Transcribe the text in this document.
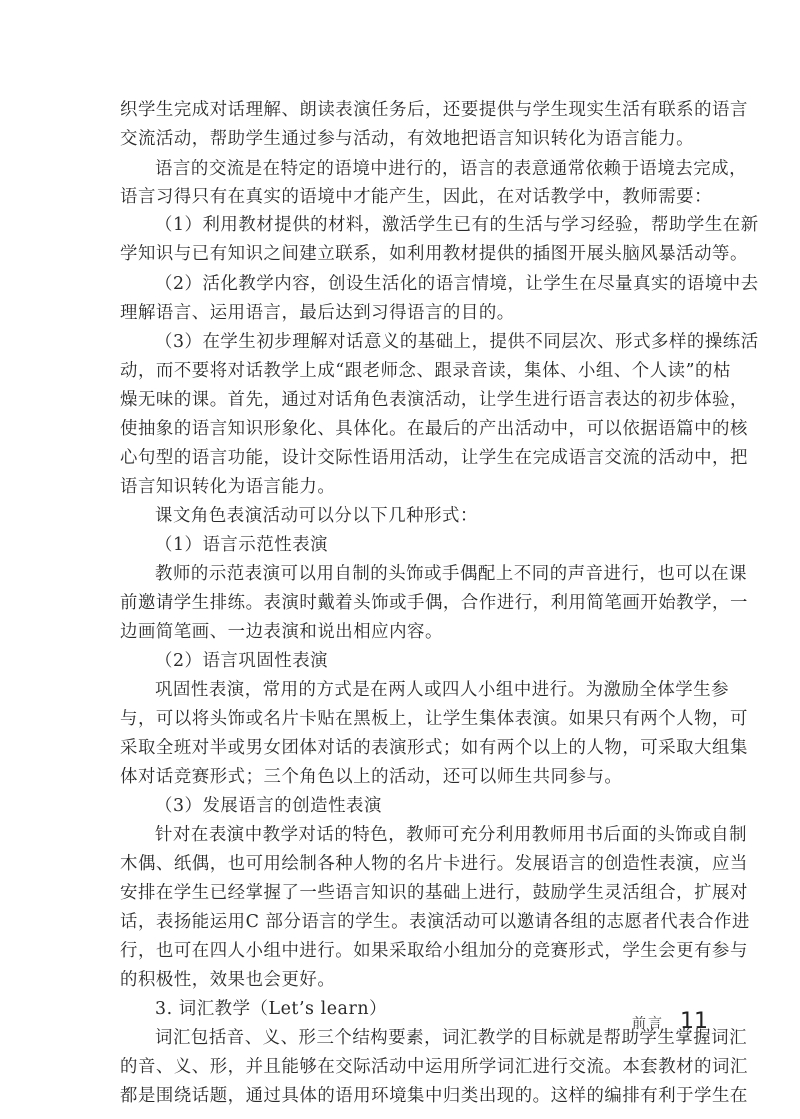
织学生完成对话理解、朗读表演任务后，还要提供与学生现实生活有联系的语言
交流活动，帮助学生通过参与活动，有效地把语言知识转化为语言能力。
语言的交流是在特定的语境中进行的，语言的表意通常依赖于语境去完成，
语言习得只有在真实的语境中才能产生，因此，在对话教学中，教师需要：
（1）利用教材提供的材料，激活学生已有的生活与学习经验，帮助学生在新
学知识与已有知识之间建立联系，如利用教材提供的插图开展头脑风暴活动等。
（2）活化教学内容，创设生活化的语言情境，让学生在尽量真实的语境中去
理解语言、运用语言，最后达到习得语言的目的。
（3）在学生初步理解对话意义的基础上，提供不同层次、形式多样的操练活
动，而不要将对话教学上成“跟老师念、跟录音读，集体、小组、个人读”的枯
燥无味的课。首先，通过对话角色表演活动，让学生进行语言表达的初步体验，
使抽象的语言知识形象化、具体化。在最后的产出活动中，可以依据语篇中的核
心句型的语言功能，设计交际性语用活动，让学生在完成语言交流的活动中，把
语言知识转化为语言能力。
课文角色表演活动可以分以下几种形式：
（1）语言示范性表演
教师的示范表演可以用自制的头饰或手偶配上不同的声音进行，也可以在课
前邀请学生排练。表演时戴着头饰或手偶，合作进行，利用简笔画开始教学，一
边画简笔画、一边表演和说出相应内容。
（2）语言巩固性表演
巩固性表演，常用的方式是在两人或四人小组中进行。为激励全体学生参
与，可以将头饰或名片卡贴在黑板上，让学生集体表演。如果只有两个人物，可
采取全班对半或男女团体对话的表演形式；如有两个以上的人物，可采取大组集
体对话竞赛形式；三个角色以上的活动，还可以师生共同参与。
（3）发展语言的创造性表演
针对在表演中教学对话的特色，教师可充分利用教师用书后面的头饰或自制
木偶、纸偶，也可用绘制各种人物的名片卡进行。发展语言的创造性表演，应当
安排在学生已经掌握了一些语言知识的基础上进行，鼓励学生灵活组合，扩展对
话，表扬能运用C 部分语言的学生。表演活动可以邀请各组的志愿者代表合作进
行，也可在四人小组中进行。如果采取给小组加分的竞赛形式，学生会更有参与
的积极性，效果也会更好。
3. 词汇教学（Let’s learn）
词汇包括音、义、形三个结构要素，词汇教学的目标就是帮助学生掌握词汇
的音、义、形，并且能够在交际活动中运用所学词汇进行交流。本套教材的词汇
都是围绕话题，通过具体的语用环境集中归类出现的。这样的编排有利于学生在
前言 11
